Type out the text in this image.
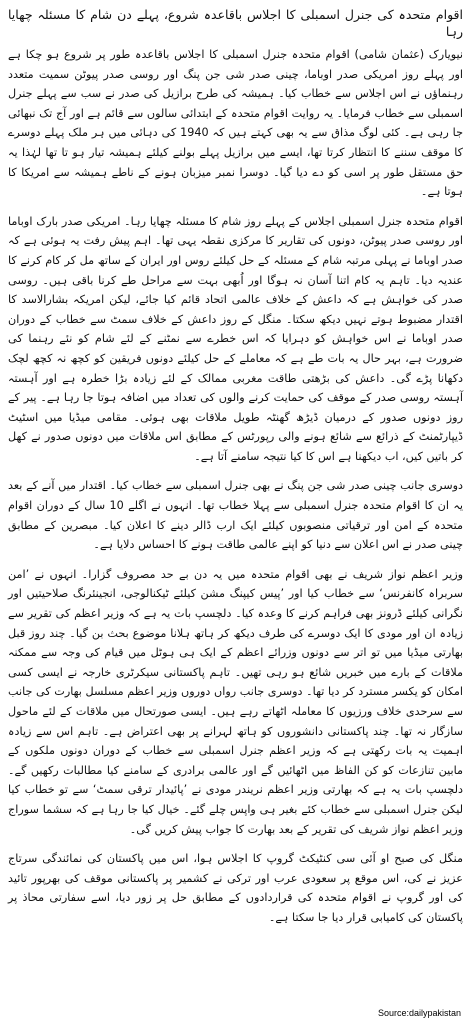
اقوام متحدہ کی جنرل اسمبلی کا اجلاس باقاعدہ شروع، پہلے دن شام کا مسئلہ چھایا رہا

نیویارک (عثمان شامی) اقوام متحدہ جنرل اسمبلی کا اجلاس باقاعدہ طور پر شروع ہو چکا ہے اور پہلے روز امریکی صدر اوباما، چینی صدر شی جن پنگ اور روسی صدر پیوٹن سمیت متعدد رہنماؤں نے اس اجلاس سے خطاب کیا۔ ہمیشہ کی طرح برازیل کی صدر نے سب سے پہلے جنرل اسمبلی سے خطاب فرمایا۔ یہ روایت اقوام متحدہ کے ابتدائی سالوں سے قائم ہے اور آج تک نبھائی جا رہی ہے۔ کئی لوگ مذاق سے یہ بھی کہتے ہیں کہ 1940 کی دہائی میں ہر ملک پہلے دوسرے کا موقف سننے کا انتظار کرتا تھا، ایسے میں برازیل پہلے بولنے کیلئے ہمیشہ تیار ہو تا تھا لہٰذا یہ حق مستقل طور پر اسی کو دے دیا گیا۔ دوسرا نمبر میزبان ہونے کے ناطے ہمیشہ سے امریکا کا ہوتا ہے۔

اقوام متحدہ جنرل اسمبلی اجلاس کے پہلے روز شام کا مسئلہ چھایا رہا۔ امریکی صدر بارک اوباما اور روسی صدر پیوٹن، دونوں کی تقاریر کا مرکزی نقطہ یہی تھا۔ اہم پیش رفت یہ ہوئی ہے کہ صدر اوباما نے پہلی مرتبہ شام کے مسئلہ کے حل کیلئے روس اور ایران کے ساتھ مل کر کام کرنے کا عندیہ دیا۔ تاہم یہ کام اتنا آسان نہ ہوگا اور اُبھی بہت سے مراحل طے کرنا باقی ہیں۔ روسی صدر کی خواہش ہے کہ داعش کے خلاف عالمی اتحاد قائم کیا جائے، لیکن امریکہ بشارالاسد کا اقتدار مضبوط ہوتے نہیں دیکھ سکتا۔ منگل کے روز داعش کے خلاف سمٹ سے خطاب کے دوران صدر اوباما نے اس خواہش کو دہرایا کہ اس خطرے سے نمٹنے کے لئے شام کو نئے رہنما کی ضرورت ہے، بہر حال یہ بات طے ہے کہ معاملے کے حل کیلئے دونوں فریقین کو کچھ نہ کچھ لچک دکھانا پڑے گی۔ داعش کی بڑھتی طاقت مغربی ممالک کے لئے زیادہ بڑا خطرہ ہے اور آہستہ آہستہ روسی صدر کے موقف کی حمایت کرنے والوں کی تعداد میں اضافہ ہوتا جا رہا ہے۔ پیر کے روز دونوں صدور کے درمیان ڈیڑھ گھنٹہ طویل ملاقات بھی ہوئی۔ مقامی میڈیا میں اسٹیٹ ڈیپارٹمنٹ کے ذرائع سے شائع ہونے والی رپورٹس کے مطابق اس ملاقات میں دونوں صدور نے کھل کر باتیں کیں، اب دیکھنا ہے اس کا کیا نتیجہ سامنے آتا ہے۔

دوسری جانب چینی صدر شی جن پنگ نے بھی جنرل اسمبلی سے خطاب کیا۔ اقتدار میں آنے کے بعد یہ ان کا اقوام متحدہ جنرل اسمبلی سے پہلا خطاب تھا۔ انہوں نے اگلے 10 سال کے دوران اقوام متحدہ کے امن اور ترقیاتی منصوبوں کیلئے ایک ارب ڈالر دینے کا اعلان کیا۔ مبصرین کے مطابق چینی صدر نے اس اعلان سے دنیا کو اپنے عالمی طاقت ہونے کا احساس دلایا ہے۔

وزیر اعظم نواز شریف نے بھی اقوام متحدہ میں یہ دن بے حد مصروف گزارا۔ انہوں نے ’امن سربراہ کانفرنس‘ سے خطاب کیا اور ’پیس کیپنگ مشن کیلئے ٹیکنالوجی، انجینئرنگ صلاحیتیں اور نگرانی کیلئے ڈرونز بھی فراہم کرنے کا وعدہ کیا۔ دلچسپ بات یہ ہے کہ وزیر اعظم کی تقریر سے زیادہ ان اور مودی کا ایک دوسرے کی طرف دیکھ کر ہاتھ ہلانا موضوع بحث بن گیا۔ چند روز قبل بھارتی میڈیا میں تو اتر سے دونوں وزرائے اعظم کے ایک ہی ہوٹل میں قیام کی وجہ سے ممکنہ ملاقات کے بارے میں خبریں شائع ہو رہی تھیں۔ تاہم پاکستانی سیکرٹری خارجہ نے ایسی کسی امکان کو یکسر مسترد کر دیا تھا۔ دوسری جانب رواں دوروں وزیر اعظم مسلسل بھارت کی جانب سے سرحدی خلاف ورزیوں کا معاملہ اٹھاتے رہے ہیں۔ ایسی صورتحال میں ملاقات کے لئے ماحول سازگار نہ تھا۔ چند پاکستانی دانشوروں کو ہاتھ لہرانے پر بھی اعتراض ہے۔ تاہم اس سے زیادہ اہمیت یہ بات رکھتی ہے کہ وزیر اعظم جنرل اسمبلی سے خطاب کے دوران دونوں ملکوں کے مابین تنازعات کو کن الفاظ میں اٹھائیں گے اور عالمی برادری کے سامنے کیا مطالبات رکھیں گے۔ دلچسپ بات یہ ہے کہ بھارتی وزیر اعظم نریندر مودی نے ’پائیدار ترقی سمٹ‘ سے تو خطاب کیا لیکن جنرل اسمبلی سے خطاب کئے بغیر ہی واپس چلے گئے۔ خیال کیا جا رہا ہے کہ سشما سوراج وزیر اعظم نواز شریف کی تقریر کے بعد بھارت کا جواب پیش کریں گی۔

منگل کی صبح او آئی سی کنٹیکٹ گروپ کا اجلاس ہوا، اس میں پاکستان کی نمائندگی سرتاج عزیز نے کی، اس موقع پر سعودی عرب اور ترکی نے کشمیر پر پاکستانی موقف کی بھرپور تائید کی اور گروپ نے اقوام متحدہ کی قراردادوں کے مطابق حل پر زور دیا، اسے سفارتی محاذ پر پاکستان کی کامیابی قرار دیا جا سکتا ہے۔

Source:dailypakistan
